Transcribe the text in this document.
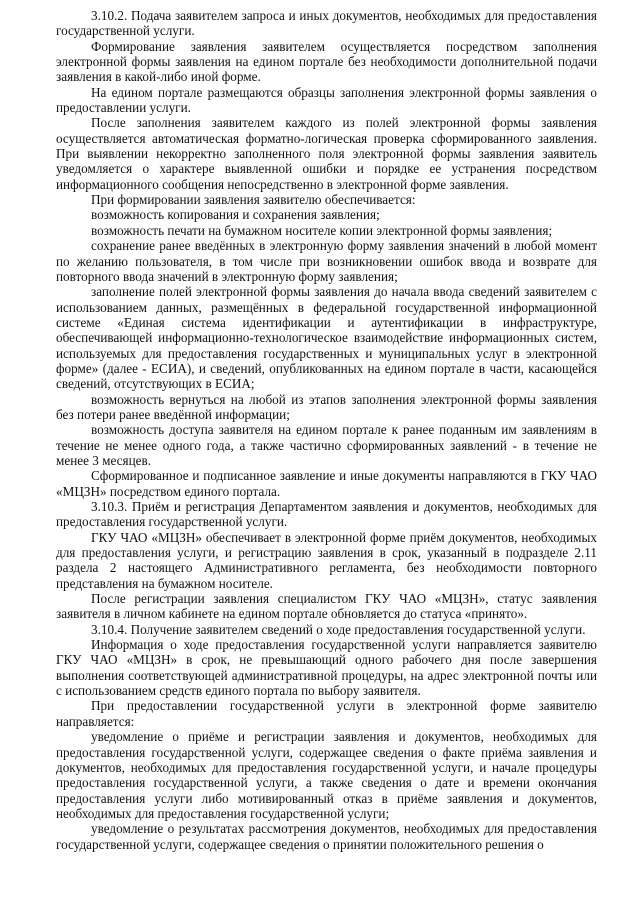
3.10.2. Подача заявителем запроса и иных документов, необходимых для предоставления государственной услуги.

Формирование заявления заявителем осуществляется посредством заполнения электронной формы заявления на едином портале без необходимости дополнительной подачи заявления в какой-либо иной форме.

На едином портале размещаются образцы заполнения электронной формы заявления о предоставлении услуги.

После заполнения заявителем каждого из полей электронной формы заявления осуществляется автоматическая форматно-логическая проверка сформированного заявления. При выявлении некорректно заполненного поля электронной формы заявления заявитель уведомляется о характере выявленной ошибки и порядке ее устранения посредством информационного сообщения непосредственно в электронной форме заявления.

При формировании заявления заявителю обеспечивается:

возможность копирования и сохранения заявления;

возможность печати на бумажном носителе копии электронной формы заявления;

сохранение ранее введённых в электронную форму заявления значений в любой момент по желанию пользователя, в том числе при возникновении ошибок ввода и возврате для повторного ввода значений в электронную форму заявления;

заполнение полей электронной формы заявления до начала ввода сведений заявителем с использованием данных, размещённых в федеральной государственной информационной системе «Единая система идентификации и аутентификации в инфраструктуре, обеспечивающей информационно-технологическое взаимодействие информационных систем, используемых для предоставления государственных и муниципальных услуг в электронной форме» (далее - ЕСИА), и сведений, опубликованных на едином портале в части, касающейся сведений, отсутствующих в ЕСИА;

возможность вернуться на любой из этапов заполнения электронной формы заявления без потери ранее введённой информации;

возможность доступа заявителя на едином портале к ранее поданным им заявлениям в течение не менее одного года, а также частично сформированных заявлений - в течение не менее 3 месяцев.

Сформированное и подписанное заявление и иные документы направляются в ГКУ ЧАО «МЦЗН» посредством единого портала.

3.10.3. Приём и регистрация Департаментом заявления и документов, необходимых для предоставления государственной услуги.

ГКУ ЧАО «МЦЗН» обеспечивает в электронной форме приём документов, необходимых для предоставления услуги, и регистрацию заявления в срок, указанный в подразделе 2.11 раздела 2 настоящего Административного регламента, без необходимости повторного представления на бумажном носителе.

После регистрации заявления специалистом ГКУ ЧАО «МЦЗН», статус заявления заявителя в личном кабинете на едином портале обновляется до статуса «принято».

3.10.4. Получение заявителем сведений о ходе предоставления государственной услуги.

Информация о ходе предоставления государственной услуги направляется заявителю ГКУ ЧАО «МЦЗН» в срок, не превышающий одного рабочего дня после завершения выполнения соответствующей административной процедуры, на адрес электронной почты или с использованием средств единого портала по выбору заявителя.

При предоставлении государственной услуги в электронной форме заявителю направляется:

уведомление о приёме и регистрации заявления и документов, необходимых для предоставления государственной услуги, содержащее сведения о факте приёма заявления и документов, необходимых для предоставления государственной услуги, и начале процедуры предоставления государственной услуги, а также сведения о дате и времени окончания предоставления услуги либо мотивированный отказ в приёме заявления и документов, необходимых для предоставления государственной услуги;

уведомление о результатах рассмотрения документов, необходимых для предоставления государственной услуги, содержащее сведения о принятии положительного решения о
